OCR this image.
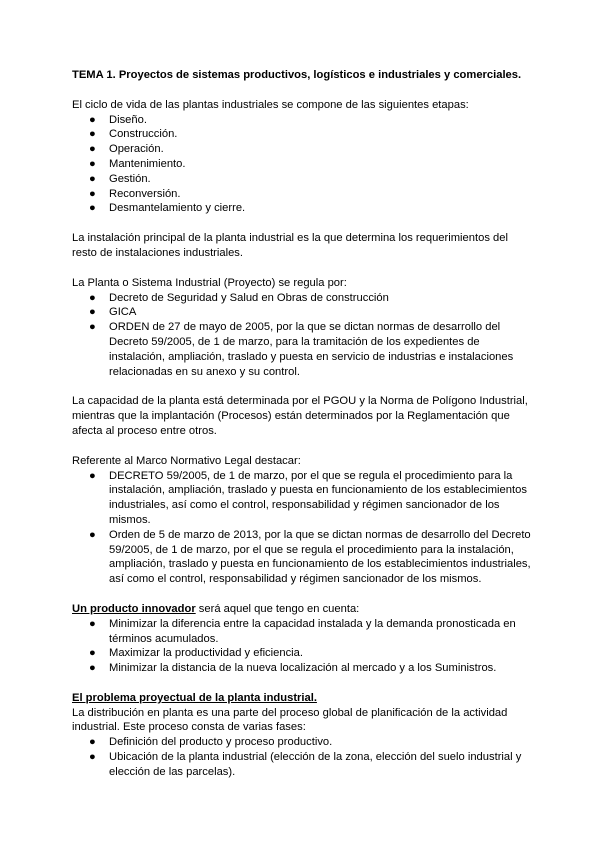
TEMA 1. Proyectos de sistemas productivos, logísticos e industriales y comerciales.

El ciclo de vida de las plantas industriales se compone de las siguientes etapas:

● Diseño.
● Construcción.
● Operación.
● Mantenimiento.
● Gestión.
● Reconversión.
● Desmantelamiento y cierre.

La instalación principal de la planta industrial es la que determina los requerimientos del resto de instalaciones industriales.

La Planta o Sistema Industrial (Proyecto) se regula por:

● Decreto de Seguridad y Salud en Obras de construcción
● GICA
● ORDEN de 27 de mayo de 2005, por la que se dictan normas de desarrollo del Decreto 59/2005, de 1 de marzo, para la tramitación de los expedientes de instalación, ampliación, traslado y puesta en servicio de industrias e instalaciones relacionadas en su anexo y su control.

La capacidad de la planta está determinada por el PGOU y la Norma de Polígono Industrial, mientras que la implantación (Procesos) están determinados por la Reglamentación que afecta al proceso entre otros.

Referente al Marco Normativo Legal destacar:

● DECRETO 59/2005, de 1 de marzo, por el que se regula el procedimiento para la instalación, ampliación, traslado y puesta en funcionamiento de los establecimientos industriales, así como el control, responsabilidad y régimen sancionador de los mismos.
● Orden de 5 de marzo de 2013, por la que se dictan normas de desarrollo del Decreto 59/2005, de 1 de marzo, por el que se regula el procedimiento para la instalación, ampliación, traslado y puesta en funcionamiento de los establecimientos industriales, así como el control, responsabilidad y régimen sancionador de los mismos.

Un producto innovador será aquel que tengo en cuenta:

● Minimizar la diferencia entre la capacidad instalada y la demanda pronosticada en términos acumulados.
● Maximizar la productividad y eficiencia.
● Minimizar la distancia de la nueva localización al mercado y a los Suministros.

El problema proyectual de la planta industrial.

La distribución en planta es una parte del proceso global de planificación de la actividad industrial. Este proceso consta de varias fases:

● Definición del producto y proceso productivo.
● Ubicación de la planta industrial (elección de la zona, elección del suelo industrial y elección de las parcelas).
